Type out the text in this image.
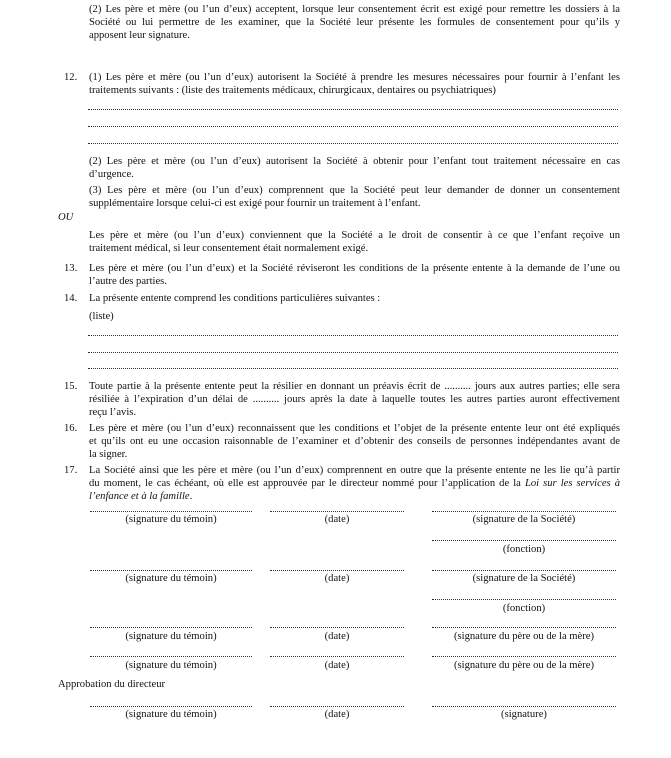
(2) Les père et mère (ou l’un d’eux) acceptent, lorsque leur consentement écrit est exigé pour remettre les dossiers à la
Société ou lui permettre de les examiner, que la Société leur présente les formules de consentement pour qu’ils y
apposent leur signature.
12. (1) Les père et mère (ou l’un d’eux) autorisent la Société à prendre les mesures nécessaires pour fournir à l’enfant les
traitements suivants : (liste des traitements médicaux, chirurgicaux, dentaires ou psychiatriques)
(2) Les père et mère (ou l’un d’eux) autorisent la Société à obtenir pour l’enfant tout traitement nécessaire en cas
d’urgence.
(3) Les père et mère (ou l’un d’eux) comprennent que la Société peut leur demander de donner un consentement
supplémentaire lorsque celui-ci est exigé pour fournir un traitement à l’enfant.
OU
Les père et mère (ou l’un d’eux) conviennent que la Société a le droit de consentir à ce que l’enfant reçoive un
traitement médical, si leur consentement était normalement exigé.
13. Les père et mère (ou l’un d’eux) et la Société réviseront les conditions de la présente entente à la demande de l’une ou
l’autre des parties.
14. La présente entente comprend les conditions particulières suivantes :
(liste)
15. Toute partie à la présente entente peut la résilier en donnant un préavis écrit de .......... jours aux autres parties; elle sera
résiliée à l’expiration d’un délai de .......... jours après la date à laquelle toutes les autres parties auront effectivement
reçu l’avis.
16. Les père et mère (ou l’un d’eux) reconnaissent que les conditions et l’objet de la présente entente leur ont été expliqués
et qu’ils ont eu une occasion raisonnable de l’examiner et d’obtenir des conseils de personnes indépendantes avant de
la signer.
17. La Société ainsi que les père et mère (ou l’un d’eux) comprennent en outre que la présente entente ne les lie qu’à partir
du moment, le cas échéant, où elle est approuvée par le directeur nommé pour l’application de la Loi sur les services à
l’enfance et à la famille.
(signature du témoin)	(date)	(signature de la Société)
(fonction)
(signature du témoin)	(date)	(signature de la Société)
(fonction)
(signature du témoin)	(date)	(signature du père ou de la mère)
(signature du témoin)	(date)	(signature du père ou de la mère)
Approbation du directeur
(signature du témoin)	(date)	(signature)
